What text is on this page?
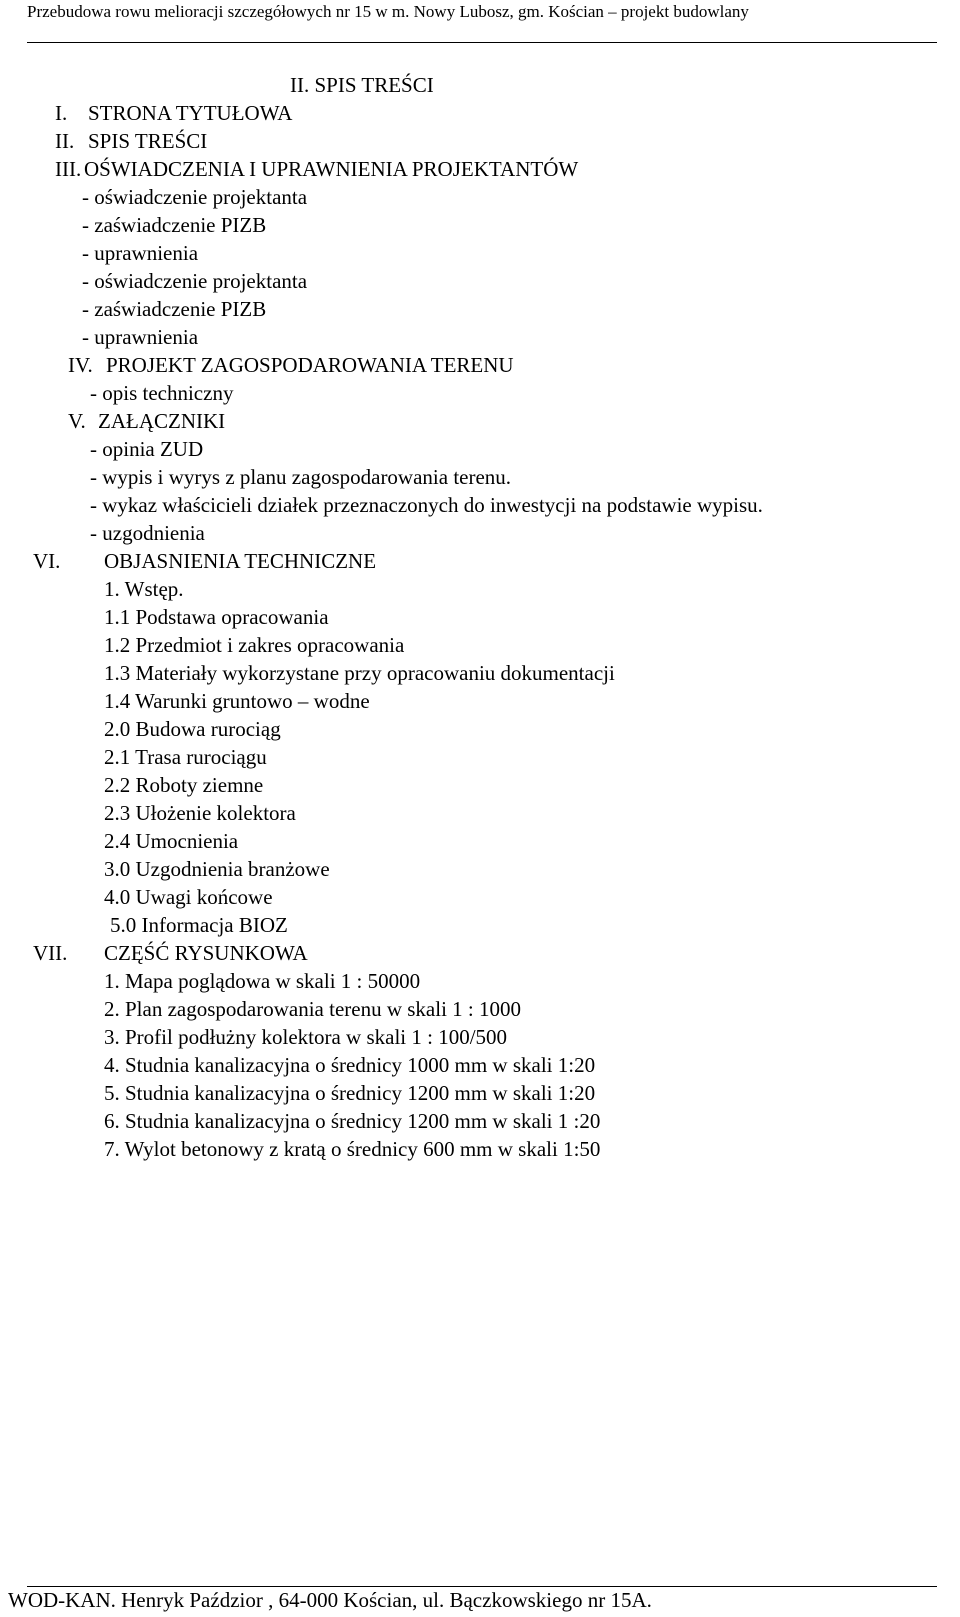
Przebudowa rowu melioracji szczegółowych nr 15 w m. Nowy Lubosz, gm. Kościan – projekt budowlany
II. SPIS TREŚCI
I. STRONA TYTUŁOWA
II. SPIS TREŚCI
III. OŚWIADCZENIA I UPRAWNIENIA PROJEKTANTÓW
- oświadczenie projektanta
- zaświadczenie PIZB
- uprawnienia
- oświadczenie projektanta
- zaświadczenie PIZB
- uprawnienia
IV. PROJEKT ZAGOSPODAROWANIA TERENU
- opis techniczny
V. ZAŁĄCZNIKI
- opinia ZUD
- wypis i wyrys z planu zagospodarowania terenu.
- wykaz właścicieli działek przeznaczonych do inwestycji na podstawie wypisu.
- uzgodnienia
VI. OBJASNIENIA TECHNICZNE
1. Wstęp.
1.1 Podstawa opracowania
1.2 Przedmiot i zakres opracowania
1.3 Materiały wykorzystane przy opracowaniu dokumentacji
1.4 Warunki gruntowo – wodne
2.0 Budowa rurociąg
2.1 Trasa rurociągu
2.2 Roboty ziemne
2.3 Ułożenie kolektora
2.4 Umocnienia
3.0 Uzgodnienia branżowe
4.0 Uwagi końcowe
5.0 Informacja BIOZ
VII. CZĘŚĆ RYSUNKOWA
1. Mapa poglądowa w skali 1 : 50000
2. Plan zagospodarowania terenu w skali 1 : 1000
3. Profil podłużny kolektora w skali 1 : 100/500
4. Studnia kanalizacyjna o średnicy 1000 mm w skali 1:20
5. Studnia kanalizacyjna o średnicy 1200 mm w skali 1:20
6. Studnia kanalizacyjna o średnicy 1200 mm w skali 1 :20
7. Wylot betonowy z kratą o średnicy 600 mm w skali 1:50
WOD-KAN. Henryk Paździor , 64-000 Kościan, ul. Bączkowskiego nr 15A.
